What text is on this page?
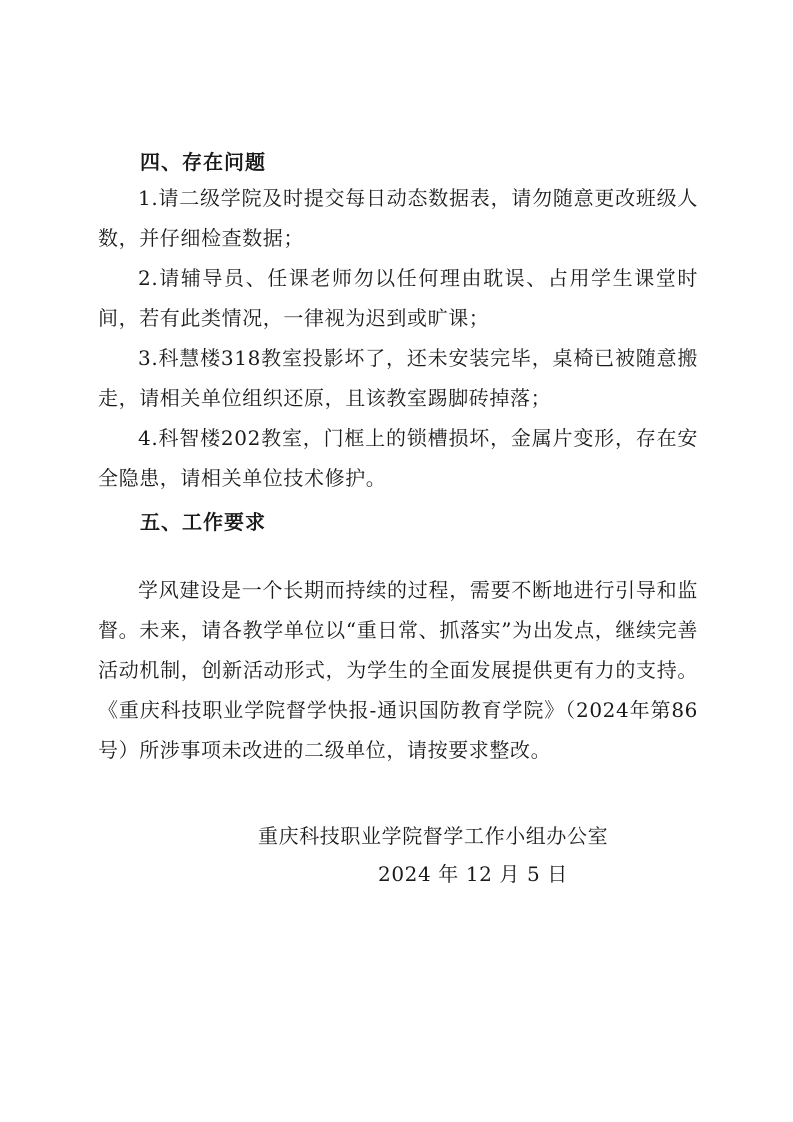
四、存在问题
1.请二级学院及时提交每日动态数据表，请勿随意更改班级人数，并仔细检查数据；
2.请辅导员、任课老师勿以任何理由耽误、占用学生课堂时间，若有此类情况，一律视为迟到或旷课；
3.科慧楼318教室投影坏了，还未安装完毕，桌椅已被随意搬走，请相关单位组织还原，且该教室踢脚砖掉落；
4.科智楼202教室，门框上的锁槽损坏，金属片变形，存在安全隐患，请相关单位技术修护。
五、工作要求
学风建设是一个长期而持续的过程，需要不断地进行引导和监督。未来，请各教学单位以“重日常、抓落实”为出发点，继续完善活动机制，创新活动形式，为学生的全面发展提供更有力的支持。《重庆科技职业学院督学快报-通识国防教育学院》（2024年第86号）所涉事项未改进的二级单位，请按要求整改。
重庆科技职业学院督学工作小组办公室
2024 年 12 月 5 日
